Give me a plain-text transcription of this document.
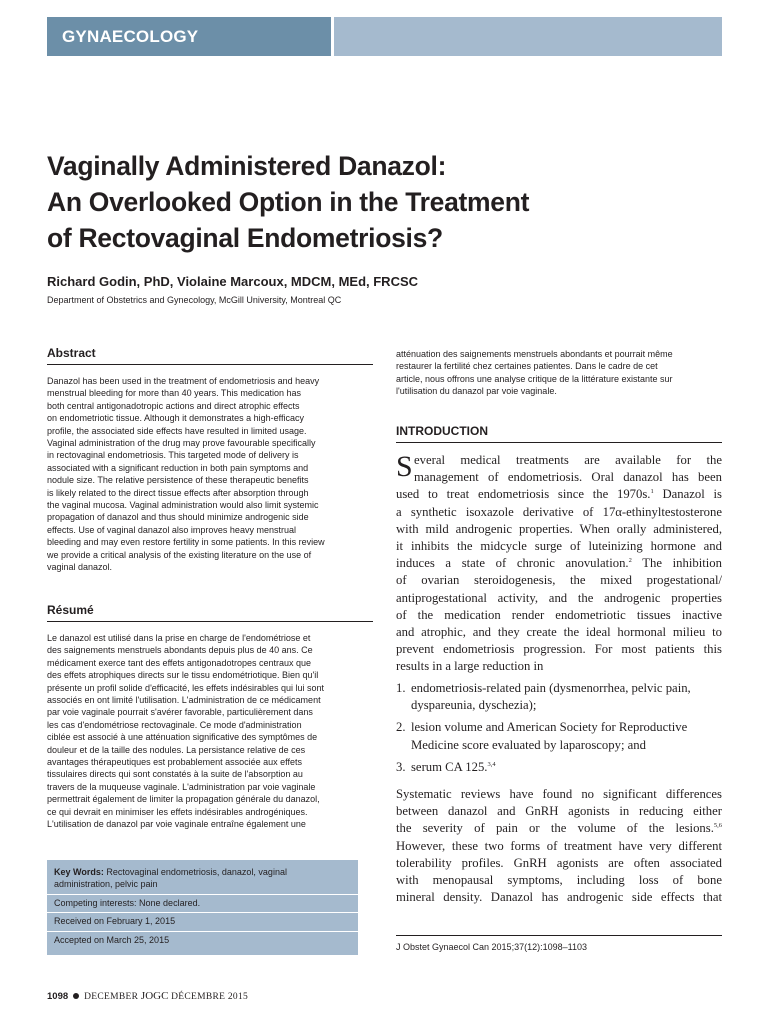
GYNAECOLOGY
Vaginally Administered Danazol:
An Overlooked Option in the Treatment
of Rectovaginal Endometriosis?
Richard Godin, PhD, Violaine Marcoux, MDCM, MEd, FRCSC
Department of Obstetrics and Gynecology, McGill University, Montreal QC
Abstract
Danazol has been used in the treatment of endometriosis and heavy
menstrual bleeding for more than 40 years. This medication has
both central antigonadotropic actions and direct atrophic effects
on endometriotic tissue. Although it demonstrates a high-efficacy
profile, the associated side effects have resulted in limited usage.
Vaginal administration of the drug may prove favourable specifically
in rectovaginal endometriosis. This targeted mode of delivery is
associated with a significant reduction in both pain symptoms and
nodule size. The relative persistence of these therapeutic benefits
is likely related to the direct tissue effects after absorption through
the vaginal mucosa. Vaginal administration would also limit systemic
propagation of danazol and thus should minimize androgenic side
effects. Use of vaginal danazol also improves heavy menstrual
bleeding and may even restore fertility in some patients. In this review
we provide a critical analysis of the existing literature on the use of
vaginal danazol.
Résumé
Le danazol est utilisé dans la prise en charge de l'endométriose et
des saignements menstruels abondants depuis plus de 40 ans. Ce
médicament exerce tant des effets antigonadotropes centraux que
des effets atrophiques directs sur le tissu endométriotique. Bien qu'il
présente un profil solide d'efficacité, les effets indésirables qui lui sont
associés en ont limité l'utilisation. L'administration de ce médicament
par voie vaginale pourrait s'avérer favorable, particulièrement dans
les cas d'endométriose rectovaginale. Ce mode d'administration
ciblée est associé à une atténuation significative des symptômes de
douleur et de la taille des nodules. La persistance relative de ces
avantages thérapeutiques est probablement associée aux effets
tissulaires directs qui sont constatés à la suite de l'absorption au
travers de la muqueuse vaginale. L'administration par voie vaginale
permettrait également de limiter la propagation générale du danazol,
ce qui devrait en minimiser les effets indésirables androgéniques.
L'utilisation de danazol par voie vaginale entraîne également une
Key Words: Rectovaginal endometriosis, danazol, vaginal
administration, pelvic pain
Competing interests: None declared.
Received on February 1, 2015
Accepted on March 25, 2015
atténuation des saignements menstruels abondants et pourrait même
restaurer la fertilité chez certaines patientes. Dans le cadre de cet
article, nous offrons une analyse critique de la littérature existante sur
l'utilisation du danazol par voie vaginale.
INTRODUCTION
S everal medical treatments are available for the
management of endometriosis. Oral danazol has been
used to treat endometriosis since the 1970s.$^1$ Danazol is
a synthetic isoxazole derivative of 17α-ethinyltestosterone
with mild androgenic properties. When orally administered,
it inhibits the midcycle surge of luteinizing hormone and
induces a state of chronic anovulation.$^2$ The inhibition
of ovarian steroidogenesis, the mixed progestational/
antiprogestational activity, and the androgenic properties
of the medication render endometriotic tissues inactive
and atrophic, and they create the ideal hormonal milieu to
prevent endometriosis progression. For most patients this
results in a large reduction in
1. endometriosis-related pain (dysmenorrhea, pelvic pain,
dyspareunia, dyschezia);
2. lesion volume and American Society for Reproductive
Medicine score evaluated by laparoscopy; and
3. serum CA 125.$^{3,4}$
Systematic reviews have found no significant differences
between danazol and GnRH agonists in reducing either
the severity of pain or the volume of the lesions.$^{5,6}$
However, these two forms of treatment have very different
tolerability profiles. GnRH agonists are often associated
with menopausal symptoms, including loss of bone
mineral density. Danazol has androgenic side effects that
J Obstet Gynaecol Can 2015;37(12):1098–1103
1098 DECEMBER JOGC DÉCEMBRE 2015
